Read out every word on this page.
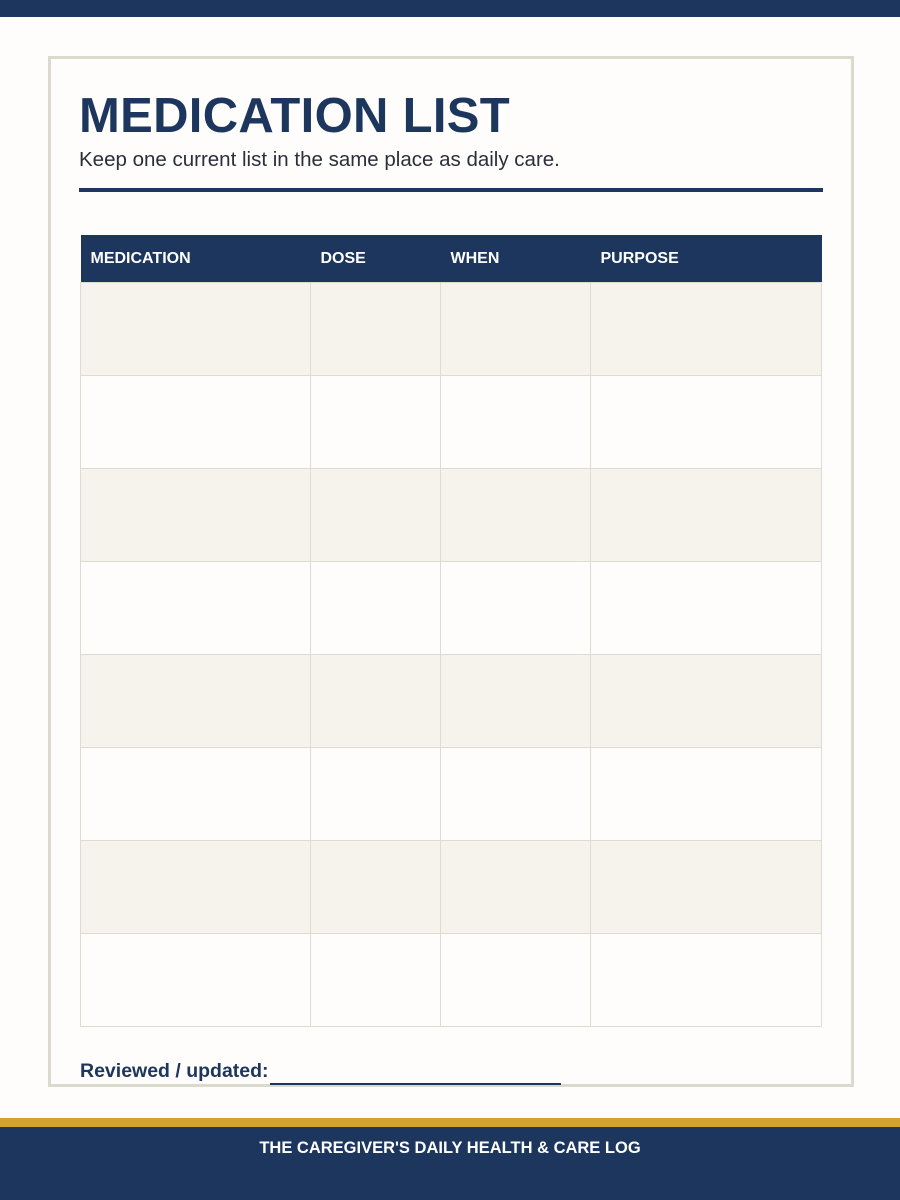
MEDICATION LIST

Keep one current list in the same place as daily care.

MEDICATION	DOSE	WHEN	PURPOSE

Reviewed / updated:
THE CAREGIVER'S DAILY HEALTH & CARE LOG
